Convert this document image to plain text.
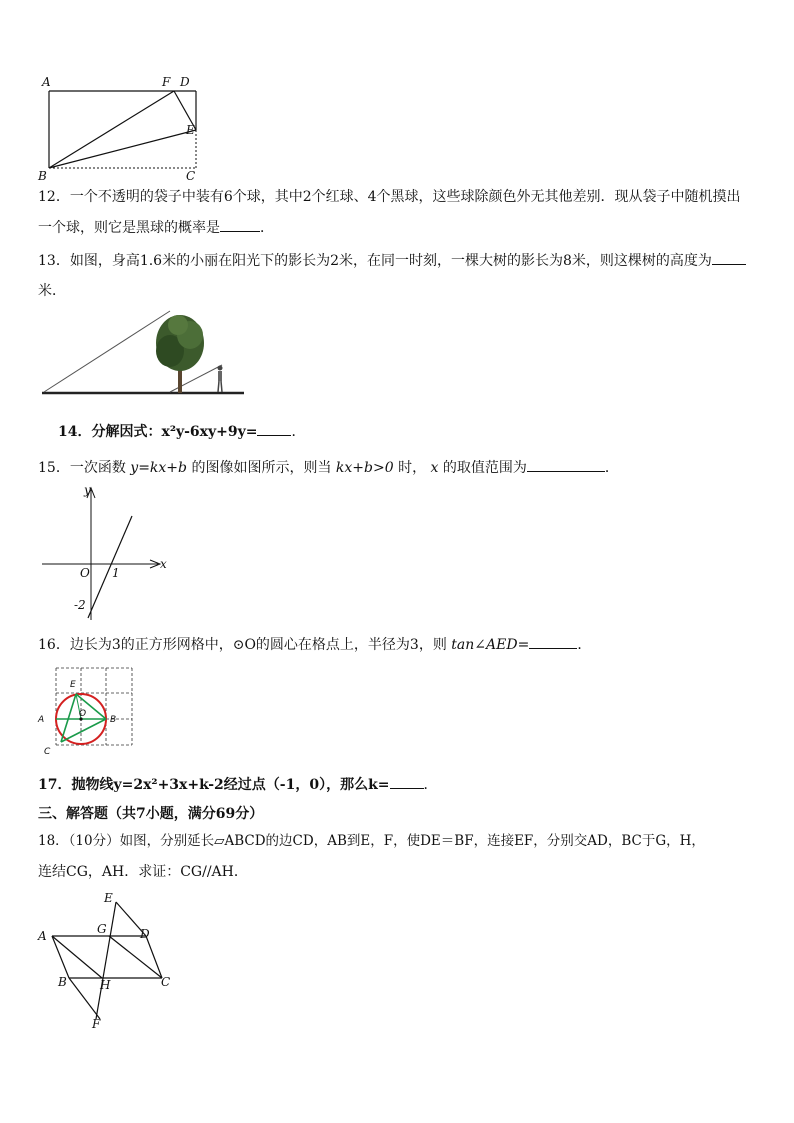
A	F D
E
B	C
12．一个不透明的袋子中装有6个球，其中2个红球、4个黑球，这些球除颜色外无其他差别．现从袋子中随机摸出
一个球，则它是黑球的概率是	．
13．如图，身高1.6米的小丽在阳光下的影长为2米，在同一时刻，一棵大树的影长为8米，则这棵树的高度为
米．
14．分解因式：x²y-6xy+9y= ．
15．一次函数 y=kx+b 的图像如图所示，则当 kx+b>0 时， x 的取值范围为	．
y
x
O 1
-2
16．边长为3的正方形网格中，⊙O的圆心在格点上，半径为3，则 tan∠AED=	．
E
O
A	B
C
17．抛物线y=2x²+3x+k-2经过点（-1，0），那么k= ．
三、解答题（共7小题，满分69分）
18．（10分）如图，分别延长▱ABCD的边CD，AB到E，F，使DE＝BF，连接EF，分别交AD，BC于G，H，
连结CG，AH．求证：CG//AH．
E
G	D
A
B	H	C
F
